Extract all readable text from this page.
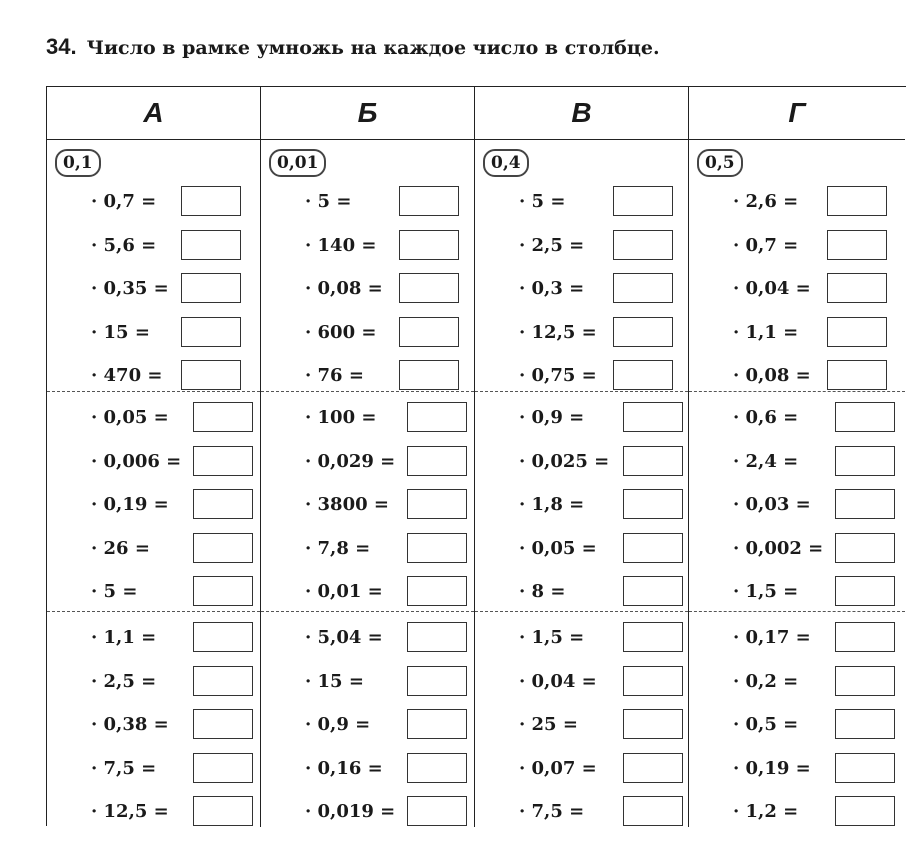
34. Число в рамке умножь на каждое число в столбце.
А
0,1
· 0,7 =
· 5,6 =
· 0,35 =
· 15 =
· 470 =
· 0,05 =
· 0,006 =
· 0,19 =
· 26 =
· 5 =
· 1,1 =
· 2,5 =
· 0,38 =
· 7,5 =
· 12,5 =
Б
0,01
· 5 =
· 140 =
· 0,08 =
· 600 =
· 76 =
· 100 =
· 0,029 =
· 3800 =
· 7,8 =
· 0,01 =
· 5,04 =
· 15 =
· 0,9 =
· 0,16 =
· 0,019 =
В
0,4
· 5 =
· 2,5 =
· 0,3 =
· 12,5 =
· 0,75 =
· 0,9 =
· 0,025 =
· 1,8 =
· 0,05 =
· 8 =
· 1,5 =
· 0,04 =
· 25 =
· 0,07 =
· 7,5 =
Г
0,5
· 2,6 =
· 0,7 =
· 0,04 =
· 1,1 =
· 0,08 =
· 0,6 =
· 2,4 =
· 0,03 =
· 0,002 =
· 1,5 =
· 0,17 =
· 0,2 =
· 0,5 =
· 0,19 =
· 1,2 =
